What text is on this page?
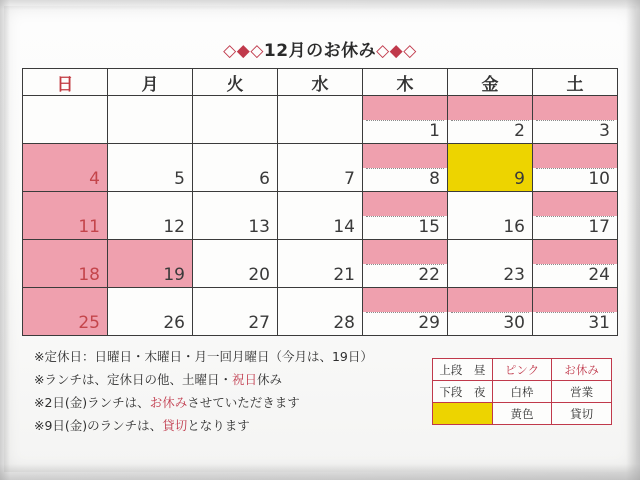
◇◆◇12月のお休み◇◆◇
日	月	火	水	木	金	土

				1	2	3

4	5	6	7	8	9	10

11	12	13	14	15	16	17

18	19	20	21	22	23	24

25	26	27	28	29	30	31
※定休日：日曜日・木曜日・月一回月曜日（今月は、19日）
※ランチは、定休日の他、土曜日・祝日休み
※2日(金)ランチは、お休みさせていただきます
※9日(金)のランチは、貸切となります
上段　昼	ピンク	お休み
下段　夜	白枠	営業
	黄色	貸切
